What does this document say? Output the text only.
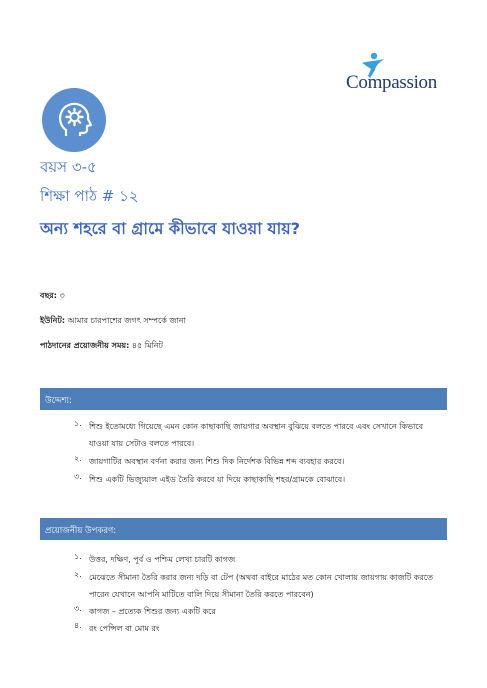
Compassion
বয়স ৩-৫
শিক্ষা পাঠ # ১২
অন্য শহরে বা গ্রামে কীভাবে যাওয়া যায়?
বছর: ৩
ইউনিট: আমার চারপাশের জগৎ সম্পর্কে জানা
পাঠদানের প্রয়োজনীয় সময়: ৪৫ মিনিট
উদ্দেশ্য:
১. শিশু ইতোমধ্যে গিয়েছে এমন কোন কাছাকাছি জায়গার অবস্থান বুঝিয়ে বলতে পারবে এবং সেখানে কিভাবে যাওয়া যায় সেটাও বলতে পারবে।
২. জায়গাটির অবস্থান বর্ণনা করার জন্য শিশু দিক নির্দেশক বিভিন্ন শব্দ ব্যবহার করবে।
৩. শিশু একটি ভিজ্যুয়াল এইড তৈরি করবে যা দিয়ে কাছাকাছি শহর/গ্রামকে বোঝাবে।
প্রয়োজনীয় উপকরণ:
১. উত্তর, দক্ষিণ, পূর্ব ও পশ্চিম লেখা চারটি কাগজ
২. মেঝেতে সীমানা তৈরি করার জন্য দড়ি বা টেপ (অথবা বাইরে মাঠের মত কোন খোলায় জায়গায় কাজটি করতে পারেন যেখানে আপনি মাটিতে বালি দিয়ে সীমানা তৈরি করতে পারবেন)
৩. কাগজ – প্রত্যেক শিশুর জন্য একটি করে
৪. রং পেন্সিল বা মোম রং
